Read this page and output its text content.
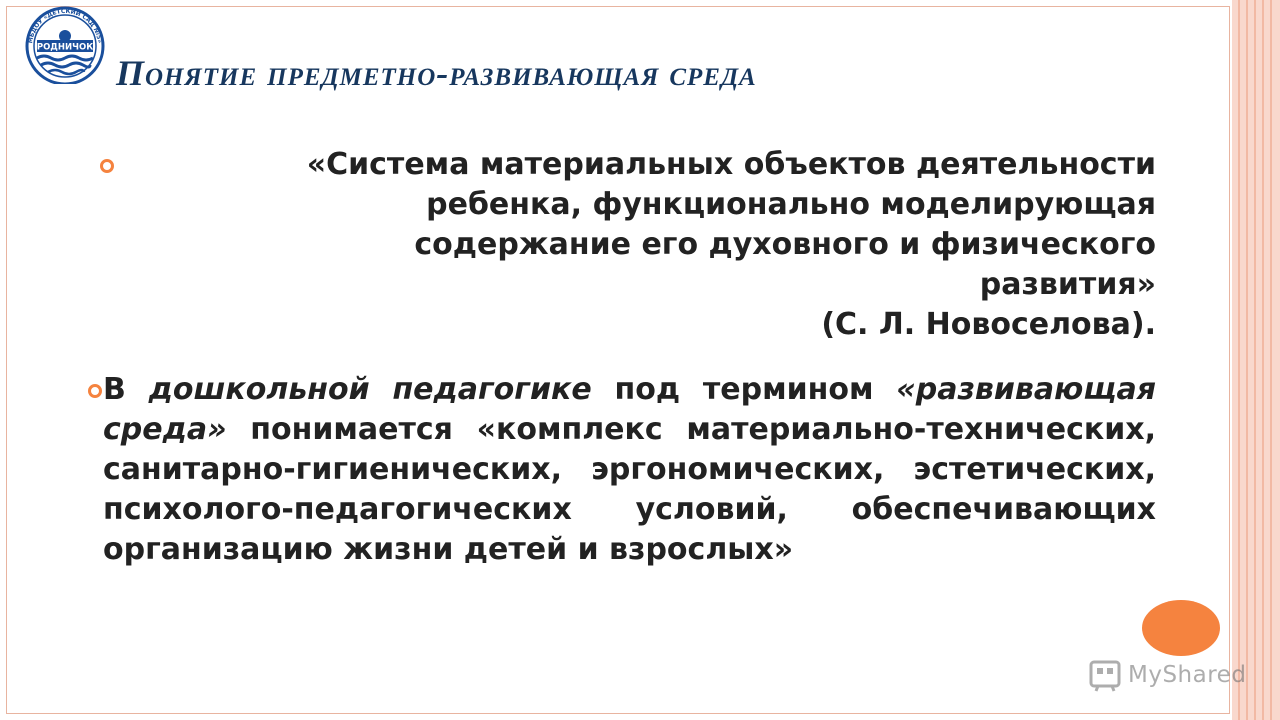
МБДОУ «ДЕТСКИЙ САД №5»
РОДНИЧОК
Понятие предметно-развивающая среда

«Система материальных объектов деятельности
ребенка, функционально моделирующая
содержание его духовного и физического
развития»
(С. Л. Новоселова).

В дошкольной педагогике под термином «развивающая среда» понимается «комплекс материально-технических, санитарно-гигиенических, эргономических, эстетических, психолого-педагогических условий, обеспечивающих организацию жизни детей и взрослых»

MyShared
